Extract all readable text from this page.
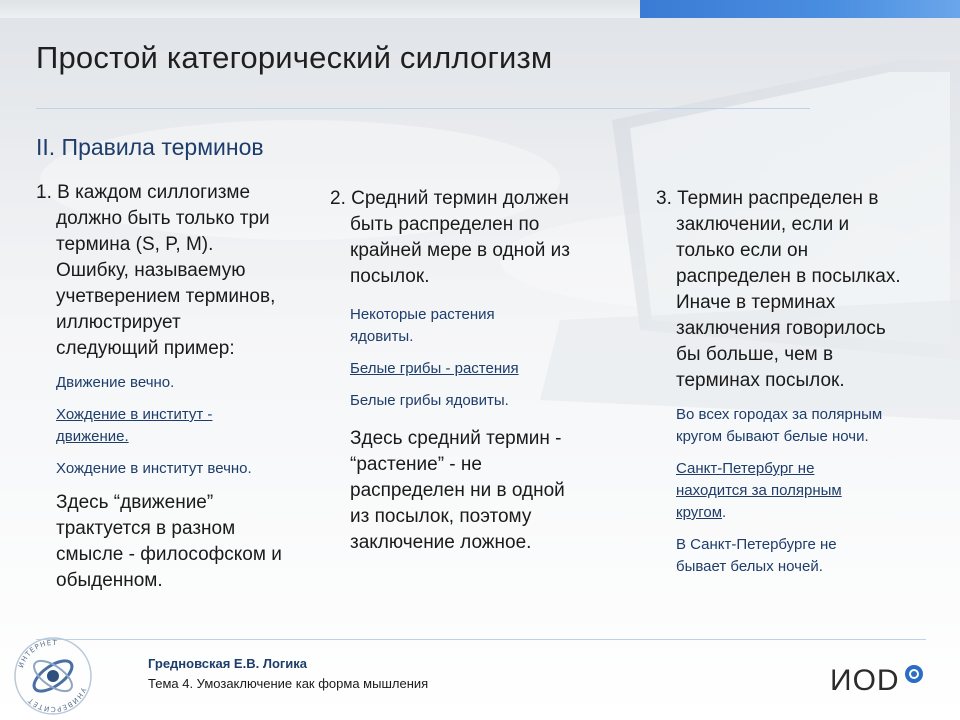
Простой категорический силлогизм
II. Правила терминов
1. В каждом силлогизме
должно быть только три
термина (S, P, M).
Ошибку, называемую
учетверением терминов,
иллюстрирует
следующий пример:
Движение вечно.
Хождение в институт -
движение.
Хождение в институт вечно.
Здесь “движение”
трактуется в разном
смысле - философском и
обыденном.
2. Средний термин должен
быть распределен по
крайней мере в одной из
посылок.
Некоторые растения
ядовиты.
Белые грибы - растения
Белые грибы ядовиты.
Здесь средний термин -
“растение” - не
распределен ни в одной
из посылок, поэтому
заключение ложное.
3. Термин распределен в
заключении, если и
только если он
распределен в посылках.
Иначе в терминах
заключения говорилось
бы больше, чем в
терминах посылок.
Во всех городах за полярным
кругом бывают белые ночи.
Санкт-Петербург не
находится за полярным
кругом.
В Санкт-Петербурге не
бывает белых ночей.
ИНТЕРНЕТ
УНИВЕРСИТЕТ
Гредновская Е.В. Логика
Тема 4. Умозаключение как форма мышления	ИОD
